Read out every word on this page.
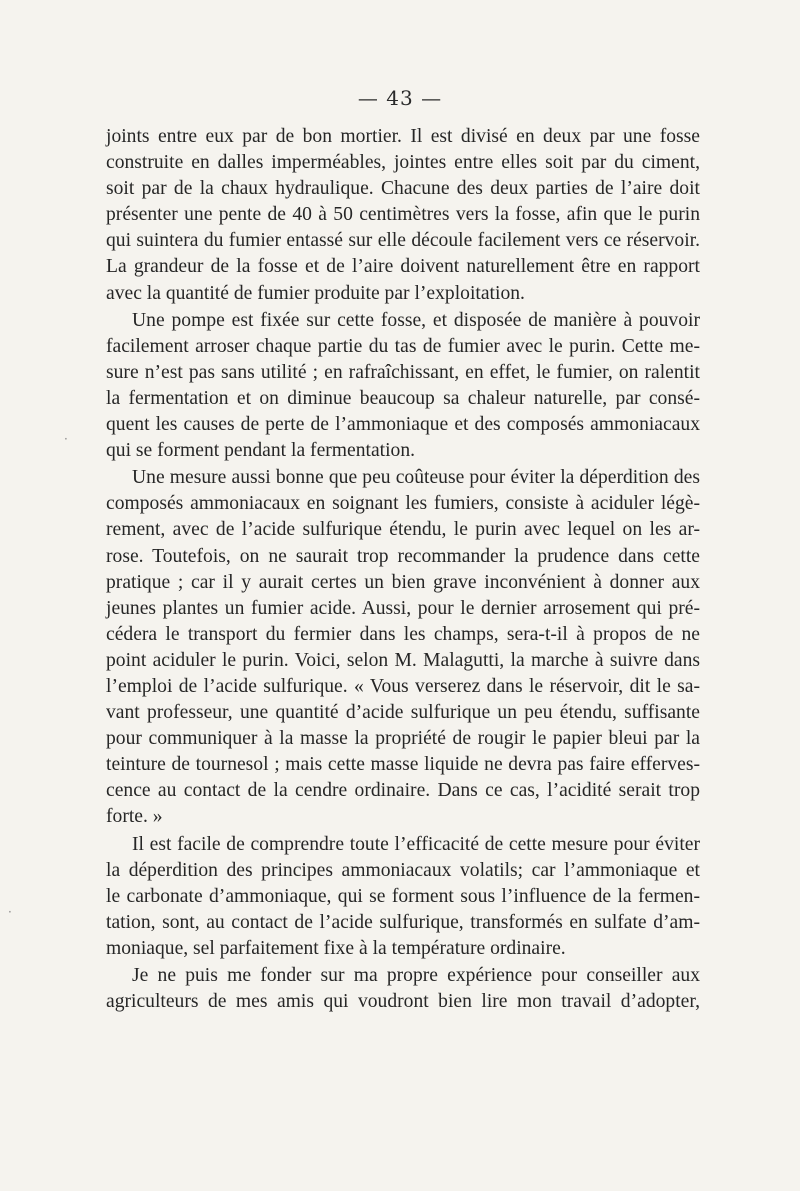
— 43 —
joints entre eux par de bon mortier. Il est divisé en deux par une fosse
construite en dalles imperméables, jointes entre elles soit par du ciment,
soit par de la chaux hydraulique. Chacune des deux parties de l’aire doit
présenter une pente de 40 à 50 centimètres vers la fosse, afin que le purin
qui suintera du fumier entassé sur elle découle facilement vers ce réservoir.
La grandeur de la fosse et de l’aire doivent naturellement être en rapport
avec la quantité de fumier produite par l’exploitation.
Une pompe est fixée sur cette fosse, et disposée de manière à pouvoir
facilement arroser chaque partie du tas de fumier avec le purin. Cette me-
sure n’est pas sans utilité ; en rafraîchissant, en effet, le fumier, on ralentit
la fermentation et on diminue beaucoup sa chaleur naturelle, par consé-
quent les causes de perte de l’ammoniaque et des composés ammoniacaux
qui se forment pendant la fermentation.
Une mesure aussi bonne que peu coûteuse pour éviter la déperdition des
composés ammoniacaux en soignant les fumiers, consiste à aciduler légè-
rement, avec de l’acide sulfurique étendu, le purin avec lequel on les ar-
rose. Toutefois, on ne saurait trop recommander la prudence dans cette
pratique ; car il y aurait certes un bien grave inconvénient à donner aux
jeunes plantes un fumier acide. Aussi, pour le dernier arrosement qui pré-
cédera le transport du fermier dans les champs, sera-t-il à propos de ne
point aciduler le purin. Voici, selon M. Malagutti, la marche à suivre dans
l’emploi de l’acide sulfurique. « Vous verserez dans le réservoir, dit le sa-
vant professeur, une quantité d’acide sulfurique un peu étendu, suffisante
pour communiquer à la masse la propriété de rougir le papier bleui par la
teinture de tournesol ; mais cette masse liquide ne devra pas faire efferves-
cence au contact de la cendre ordinaire. Dans ce cas, l’acidité serait trop
forte. »
Il est facile de comprendre toute l’efficacité de cette mesure pour éviter
la déperdition des principes ammoniacaux volatils; car l’ammoniaque et
le carbonate d’ammoniaque, qui se forment sous l’influence de la fermen-
tation, sont, au contact de l’acide sulfurique, transformés en sulfate d’am-
moniaque, sel parfaitement fixe à la température ordinaire.
Je ne puis me fonder sur ma propre expérience pour conseiller aux
agriculteurs de mes amis qui voudront bien lire mon travail d’adopter,
·
·
